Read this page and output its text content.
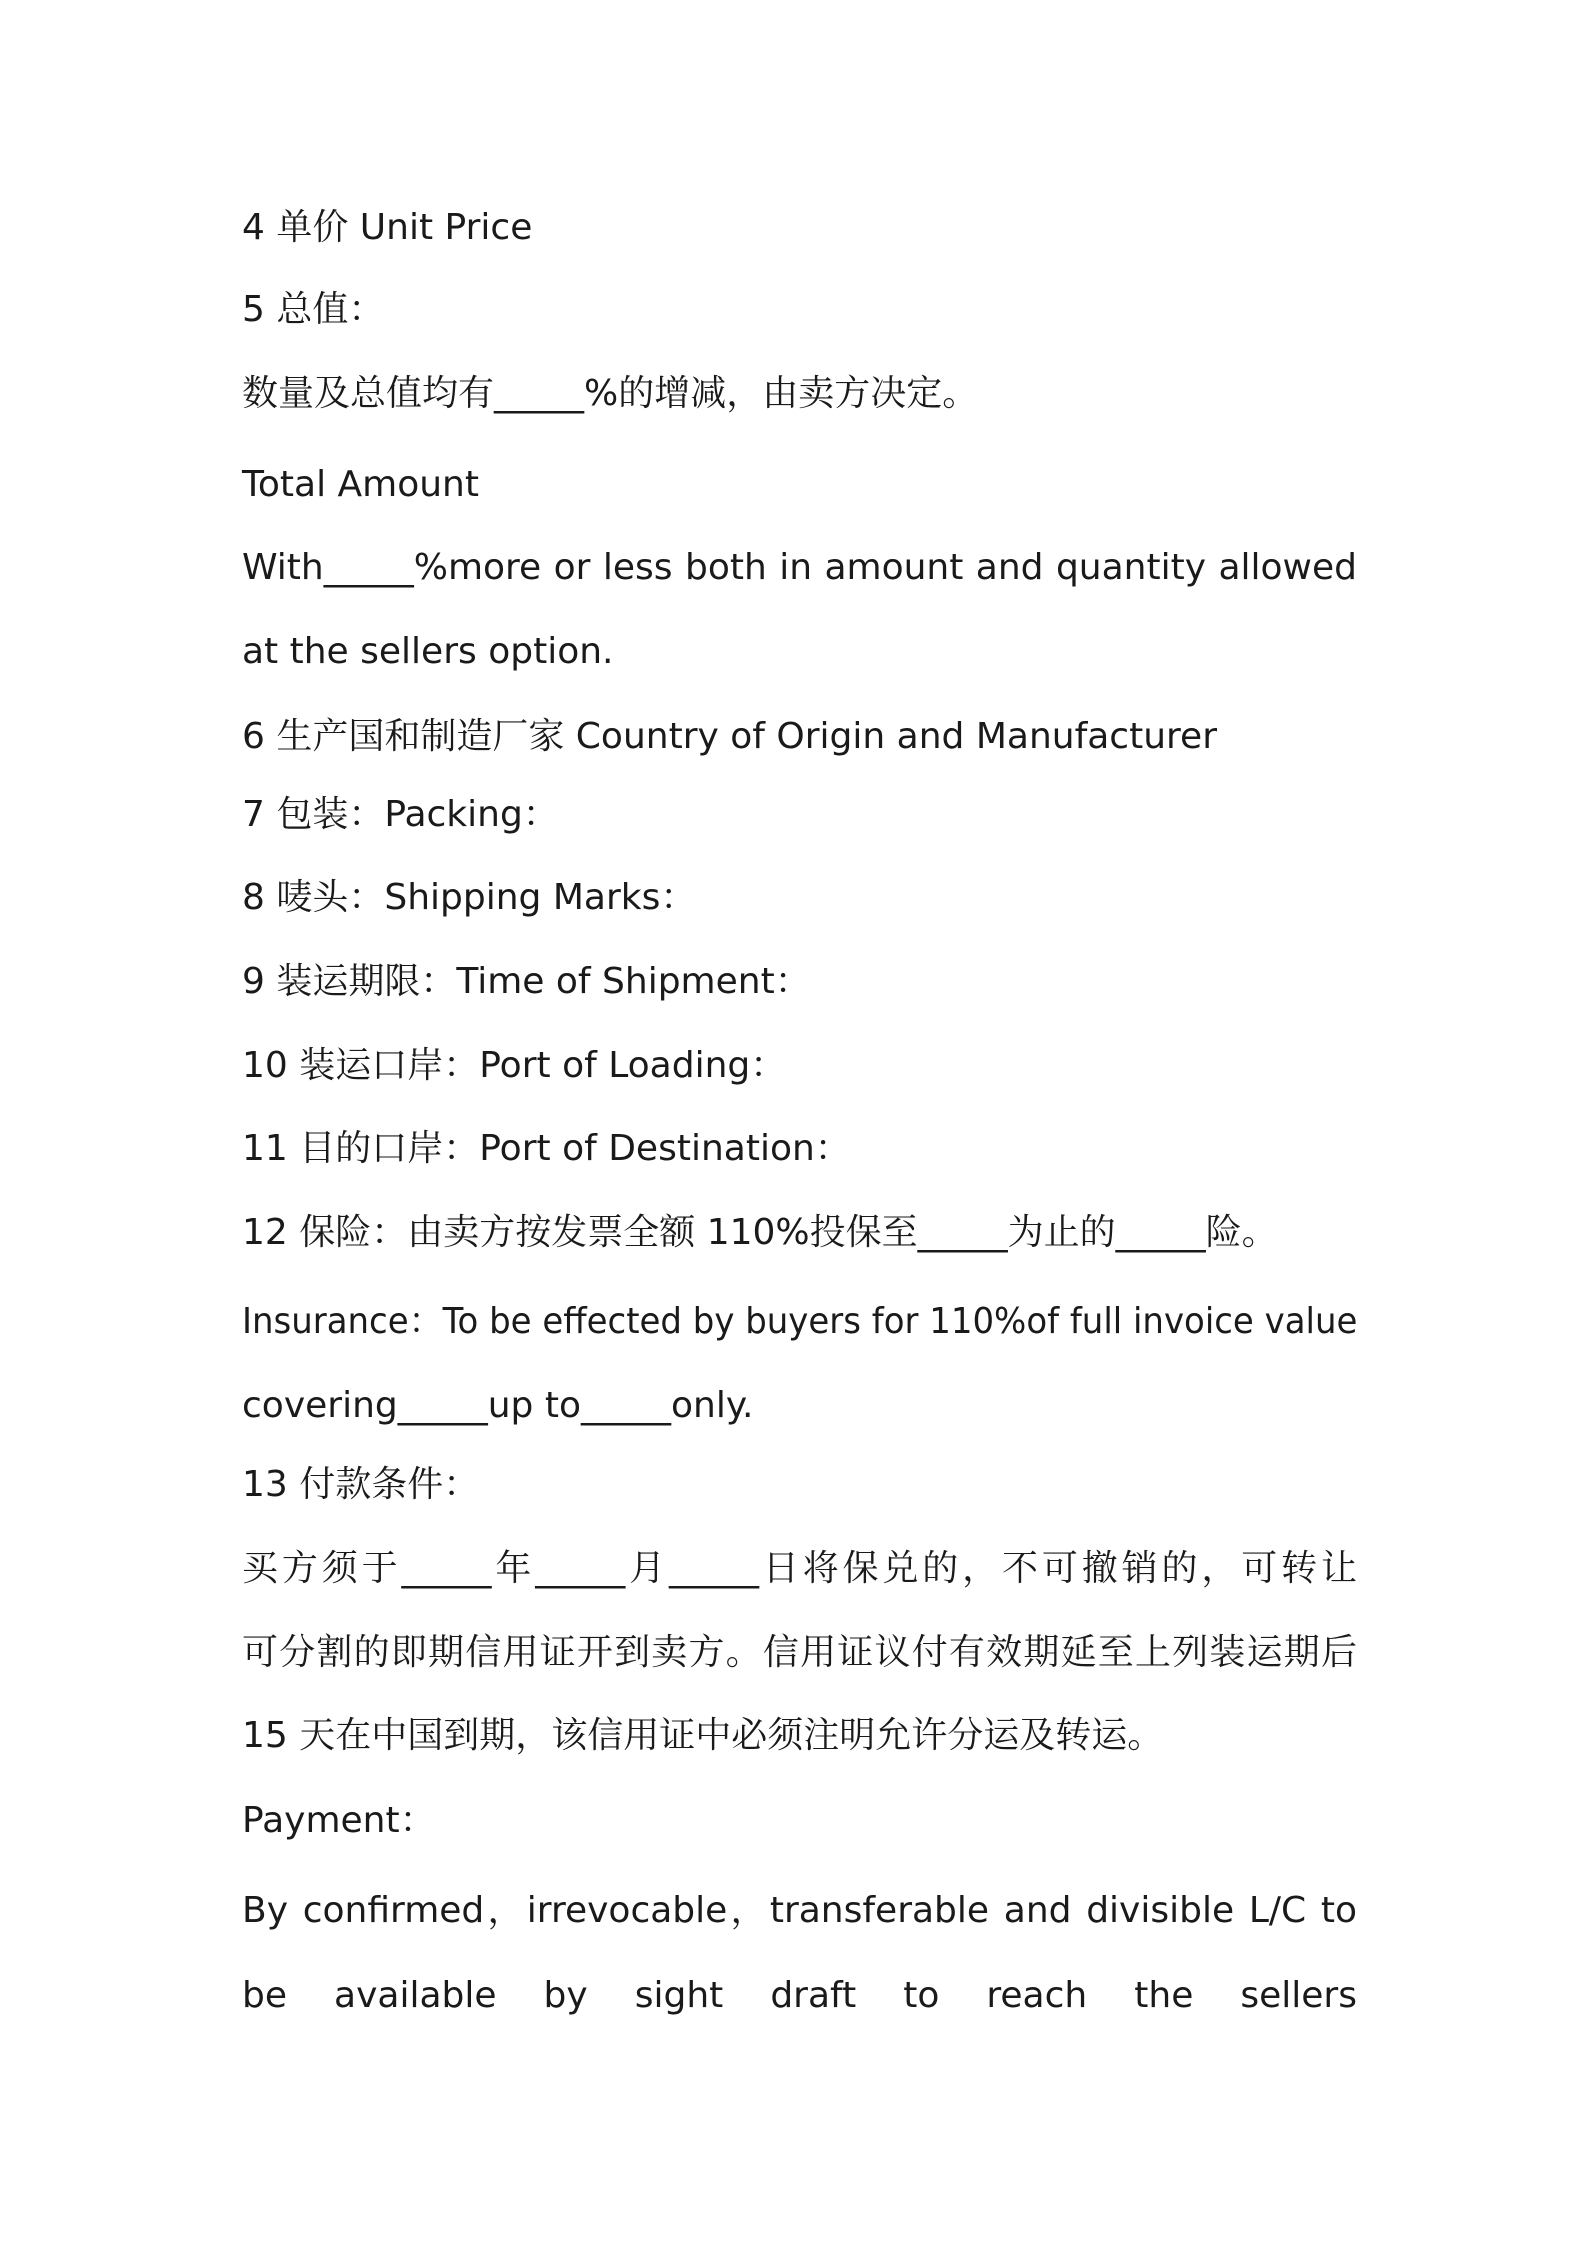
4 单价 Unit Price
5 总值：
数量及总值均有_____%的增减，由卖方决定。
Total Amount
With_____%more or less both in amount and quantity allowed
at the sellers option.
6 生产国和制造厂家 Country of Origin and Manufacturer
7 包装：Packing：
8 唛头：Shipping Marks：
9 装运期限：Time of Shipment：
10 装运口岸：Port of Loading：
11 目的口岸：Port of Destination：
12 保险：由卖方按发票全额 110%投保至_____为止的_____险。
Insurance：To be effected by buyers for 110%of full invoice value
covering_____up to_____only.
13 付款条件：
买方须于_____年_____月_____日将保兑的，不可撤销的，可转让
可分割的即期信用证开到卖方。信用证议付有效期延至上列装运期后
15 天在中国到期，该信用证中必须注明允许分运及转运。
Payment：
By confirmed，irrevocable，transferable and divisible L/C to
be available by sight draft to reach the sellers
